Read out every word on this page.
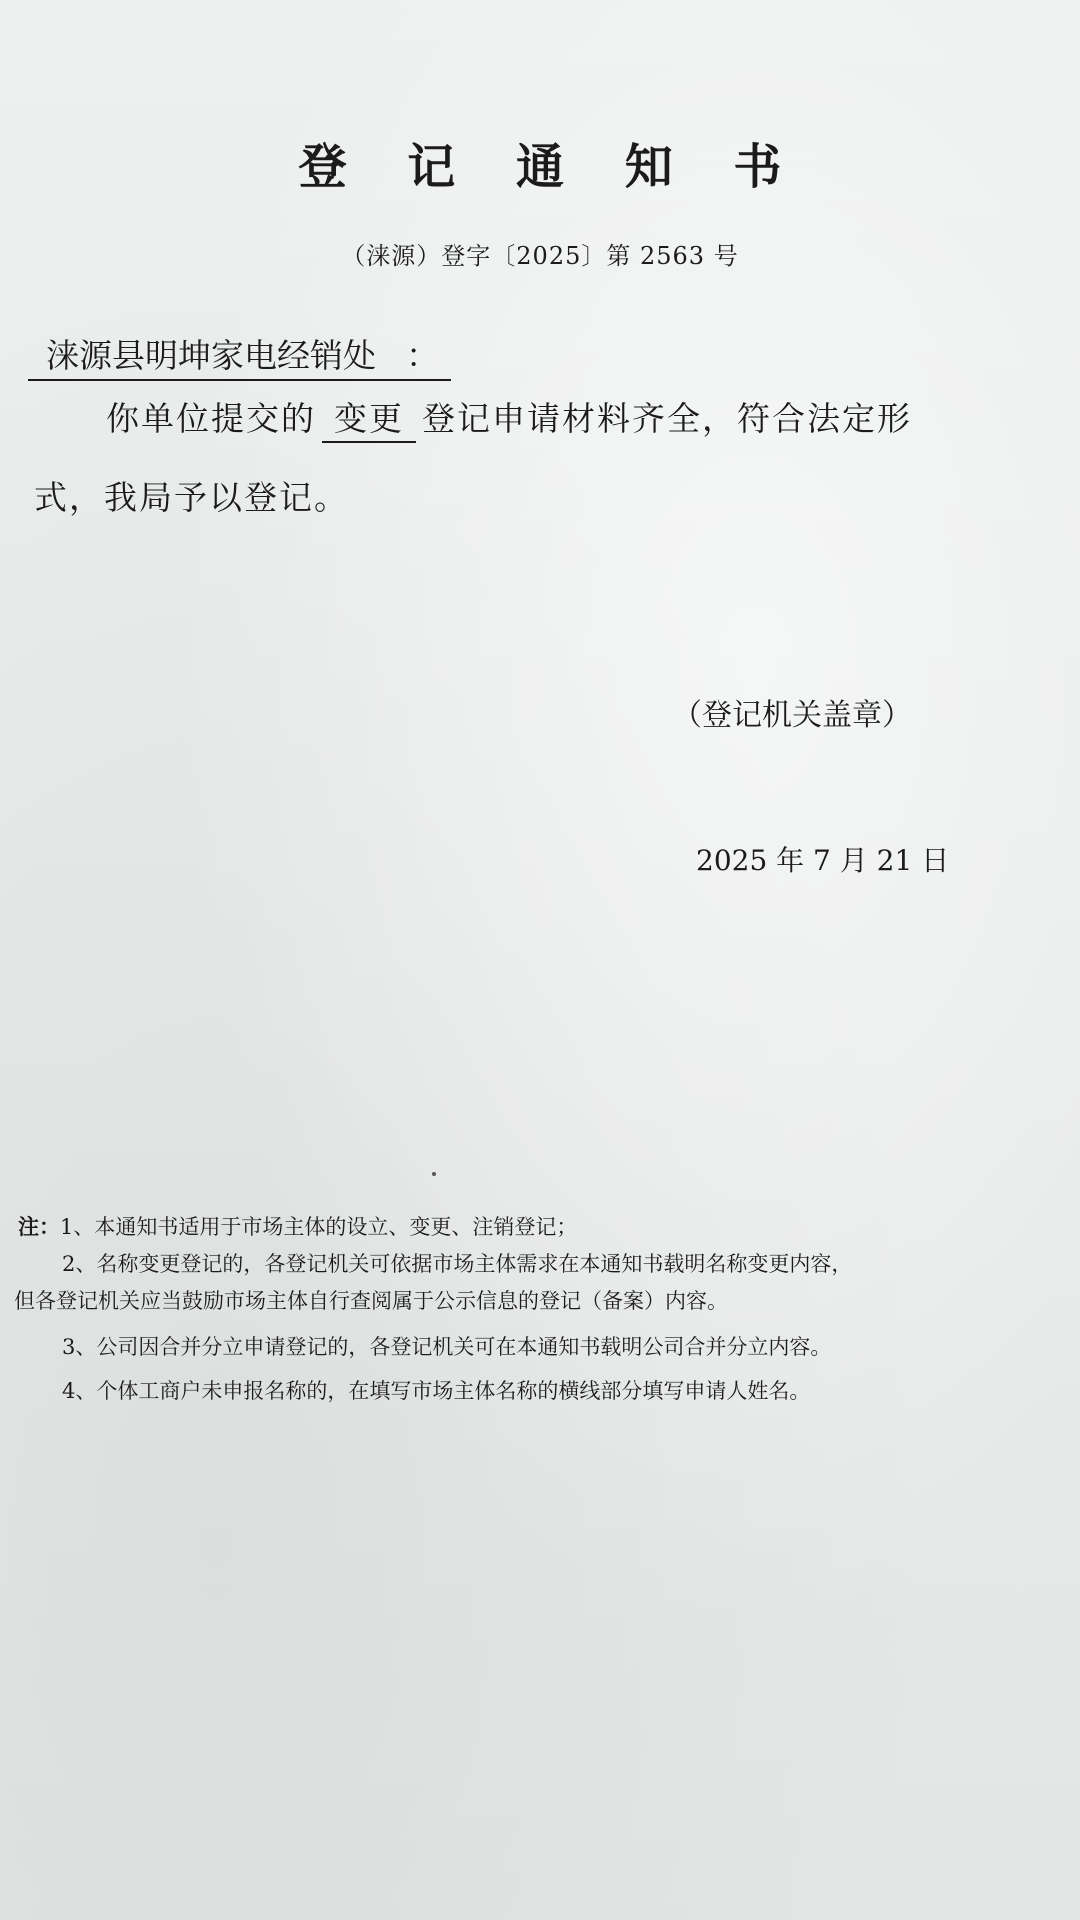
登 记 通 知 书
（涞源）登字〔2025〕第 2563 号
涞源县明坤家电经销处 ：
你单位提交的 变更 登记申请材料齐全，符合法定形
式，我局予以登记。
（登记机关盖章）
2025 年 7 月 21 日
注：1、本通知书适用于市场主体的设立、变更、注销登记；
2、名称变更登记的，各登记机关可依据市场主体需求在本通知书载明名称变更内容，
但各登记机关应当鼓励市场主体自行查阅属于公示信息的登记（备案）内容。
3、公司因合并分立申请登记的，各登记机关可在本通知书载明公司合并分立内容。
4、个体工商户未申报名称的，在填写市场主体名称的横线部分填写申请人姓名。
